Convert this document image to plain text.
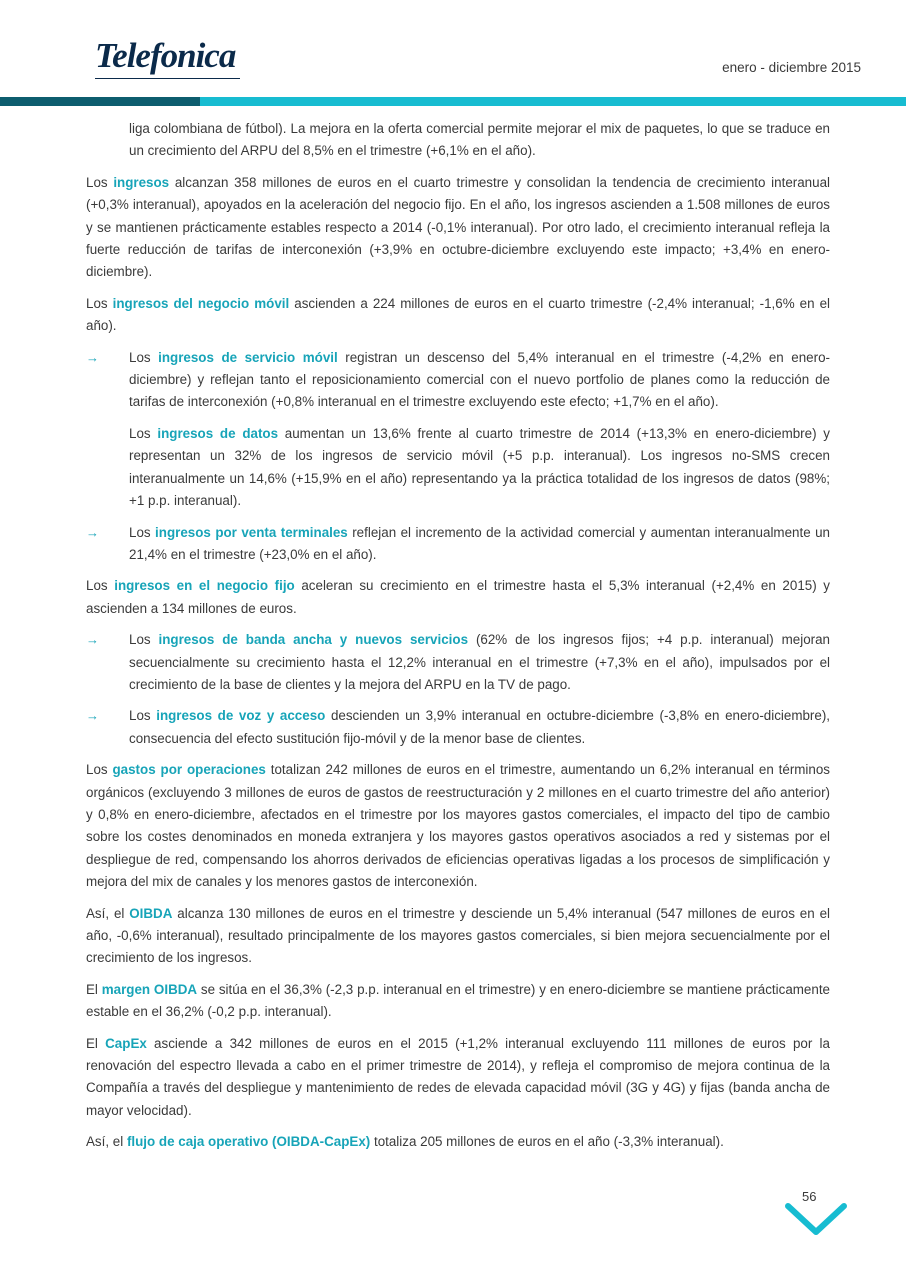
Telefonica	enero - diciembre 2015

liga colombiana de fútbol). La mejora en la oferta comercial permite mejorar el mix de paquetes, lo que se traduce en un crecimiento del ARPU del 8,5% en el trimestre (+6,1% en el año).

Los ingresos alcanzan 358 millones de euros en el cuarto trimestre y consolidan la tendencia de crecimiento interanual (+0,3% interanual), apoyados en la aceleración del negocio fijo. En el año, los ingresos ascienden a 1.508 millones de euros y se mantienen prácticamente estables respecto a 2014 (-0,1% interanual). Por otro lado, el crecimiento interanual refleja la fuerte reducción de tarifas de interconexión (+3,9% en octubre-diciembre excluyendo este impacto; +3,4% en enero-diciembre).

Los ingresos del negocio móvil ascienden a 224 millones de euros en el cuarto trimestre (-2,4% interanual; -1,6% en el año).

→ Los ingresos de servicio móvil registran un descenso del 5,4% interanual en el trimestre (-4,2% en enero-diciembre) y reflejan tanto el reposicionamiento comercial con el nuevo portfolio de planes como la reducción de tarifas de interconexión (+0,8% interanual en el trimestre excluyendo este efecto; +1,7% en el año).

Los ingresos de datos aumentan un 13,6% frente al cuarto trimestre de 2014 (+13,3% en enero-diciembre) y representan un 32% de los ingresos de servicio móvil (+5 p.p. interanual). Los ingresos no-SMS crecen interanualmente un 14,6% (+15,9% en el año) representando ya la práctica totalidad de los ingresos de datos (98%; +1 p.p. interanual).

→ Los ingresos por venta terminales reflejan el incremento de la actividad comercial y aumentan interanualmente un 21,4% en el trimestre (+23,0% en el año).

Los ingresos en el negocio fijo aceleran su crecimiento en el trimestre hasta el 5,3% interanual (+2,4% en 2015) y ascienden a 134 millones de euros.

→ Los ingresos de banda ancha y nuevos servicios (62% de los ingresos fijos; +4 p.p. interanual) mejoran secuencialmente su crecimiento hasta el 12,2% interanual en el trimestre (+7,3% en el año), impulsados por el crecimiento de la base de clientes y la mejora del ARPU en la TV de pago.
→ Los ingresos de voz y acceso descienden un 3,9% interanual en octubre-diciembre (-3,8% en enero-diciembre), consecuencia del efecto sustitución fijo-móvil y de la menor base de clientes.

Los gastos por operaciones totalizan 242 millones de euros en el trimestre, aumentando un 6,2% interanual en términos orgánicos (excluyendo 3 millones de euros de gastos de reestructuración y 2 millones en el cuarto trimestre del año anterior) y 0,8% en enero-diciembre, afectados en el trimestre por los mayores gastos comerciales, el impacto del tipo de cambio sobre los costes denominados en moneda extranjera y los mayores gastos operativos asociados a red y sistemas por el despliegue de red, compensando los ahorros derivados de eficiencias operativas ligadas a los procesos de simplificación y mejora del mix de canales y los menores gastos de interconexión.

Así, el OIBDA alcanza 130 millones de euros en el trimestre y desciende un 5,4% interanual (547 millones de euros en el año, -0,6% interanual), resultado principalmente de los mayores gastos comerciales, si bien mejora secuencialmente por el crecimiento de los ingresos.

El margen OIBDA se sitúa en el 36,3% (-2,3 p.p. interanual en el trimestre) y en enero-diciembre se mantiene prácticamente estable en el 36,2% (-0,2 p.p. interanual).

El CapEx asciende a 342 millones de euros en el 2015 (+1,2% interanual excluyendo 111 millones de euros por la renovación del espectro llevada a cabo en el primer trimestre de 2014), y refleja el compromiso de mejora continua de la Compañía a través del despliegue y mantenimiento de redes de elevada capacidad móvil (3G y 4G) y fijas (banda ancha de mayor velocidad).

Así, el flujo de caja operativo (OIBDA-CapEx) totaliza 205 millones de euros en el año (-3,3% interanual).

56
